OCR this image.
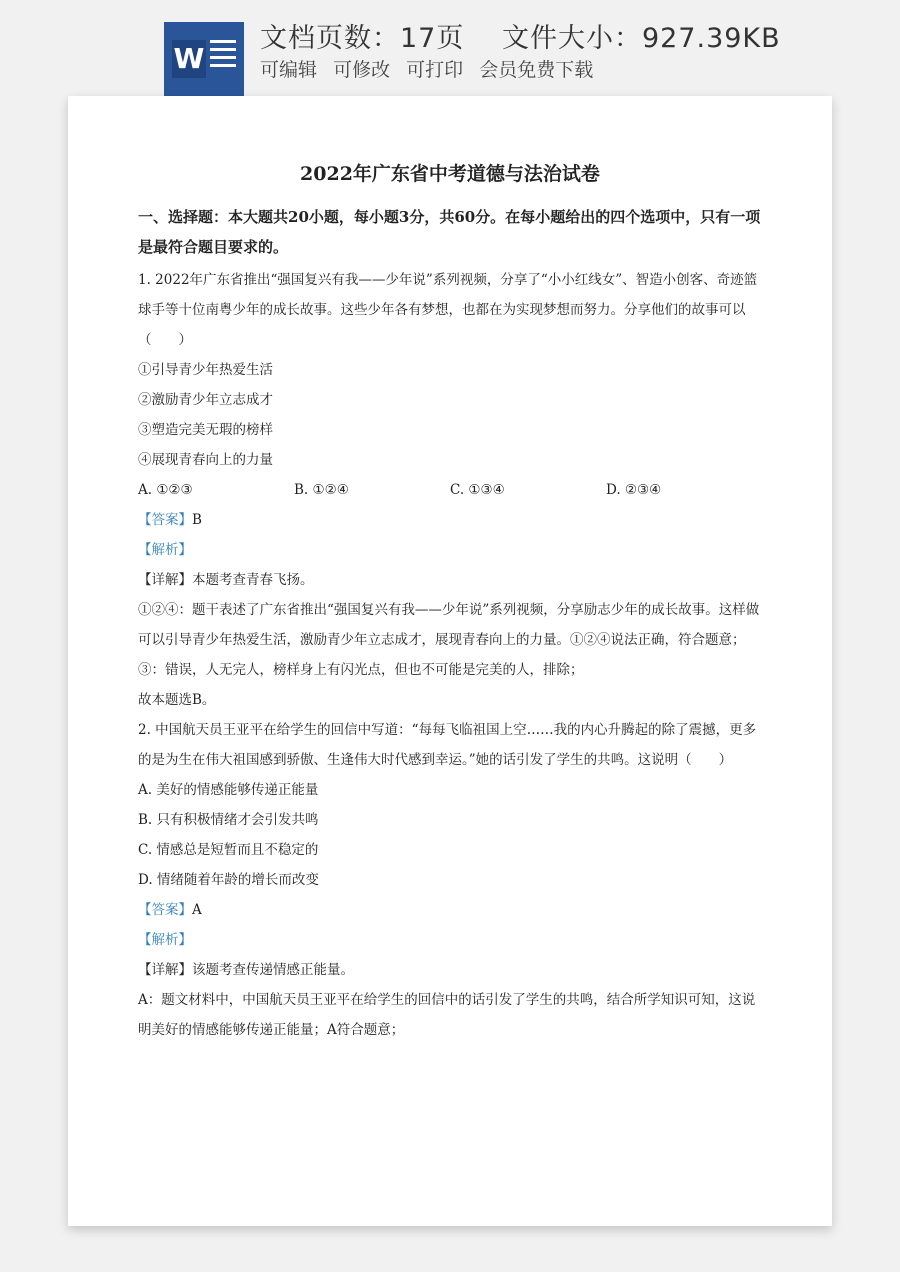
W
文档页数：17页 文件大小：927.39KB
可编辑 可修改 可打印 会员免费下载
2022年广东省中考道德与法治试卷
一、选择题：本大题共20小题，每小题3分，共60分。在每小题给出的四个选项中，只有一项是最符合题目要求的。

1. 2022年广东省推出“强国复兴有我——少年说”系列视频，分享了“小小红线女”、智造小创客、奇迹篮球手等十位南粤少年的成长故事。这些少年各有梦想，也都在为实现梦想而努力。分享他们的故事可以（　　）

①引导青少年热爱生活

②激励青少年立志成才

③塑造完美无瑕的榜样

④展现青春向上的力量

A. ①②③	B. ①②④	C. ①③④	D. ②③④

【答案】B

【解析】

【详解】本题考查青春飞扬。

①②④：题干表述了广东省推出“强国复兴有我——少年说”系列视频，分享励志少年的成长故事。这样做可以引导青少年热爱生活，激励青少年立志成才，展现青春向上的力量。①②④说法正确，符合题意；

③：错误，人无完人，榜样身上有闪光点，但也不可能是完美的人，排除；

故本题选B。

2. 中国航天员王亚平在给学生的回信中写道：“每每飞临祖国上空……我的内心升腾起的除了震撼，更多的是为生在伟大祖国感到骄傲、生逢伟大时代感到幸运。”她的话引发了学生的共鸣。这说明（　　）

A. 美好的情感能够传递正能量

B. 只有积极情绪才会引发共鸣

C. 情感总是短暂而且不稳定的

D. 情绪随着年龄的增长而改变

【答案】A

【解析】

【详解】该题考查传递情感正能量。

A：题文材料中，中国航天员王亚平在给学生的回信中的话引发了学生的共鸣，结合所学知识可知，这说明美好的情感能够传递正能量；A符合题意；
